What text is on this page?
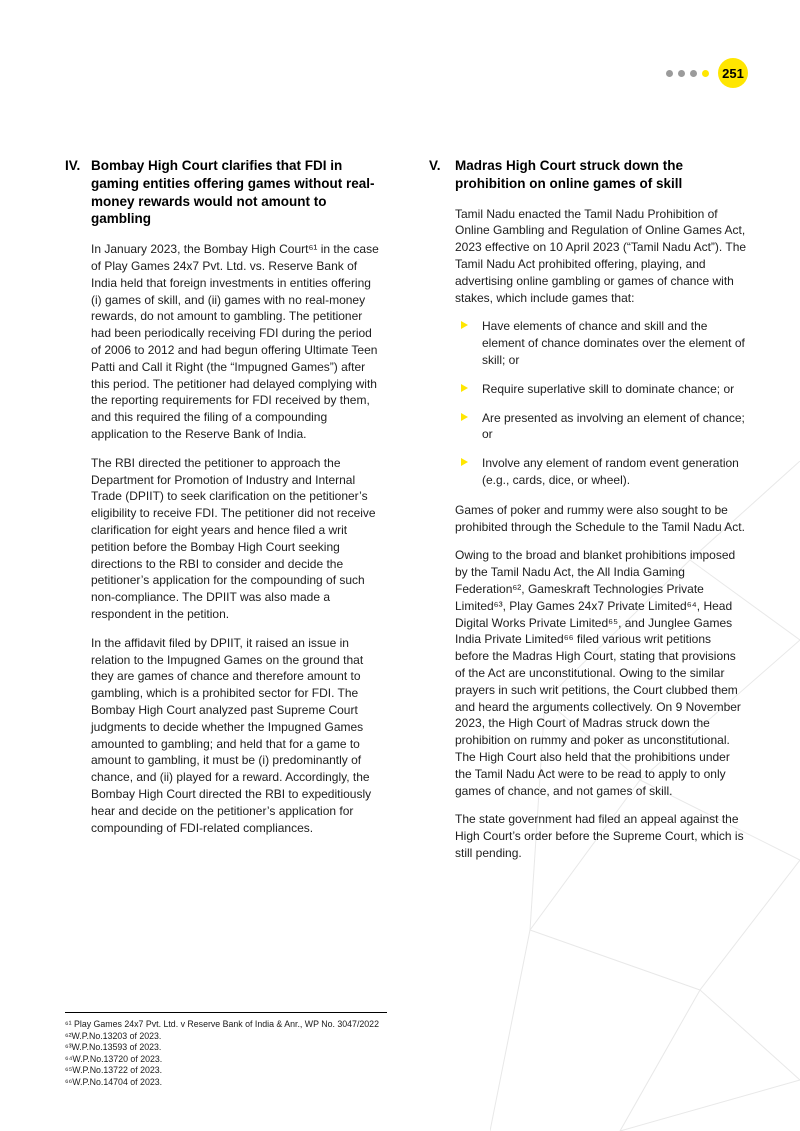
251
IV. Bombay High Court clarifies that FDI in gaming entities offering games without real-money rewards would not amount to gambling

In January 2023, the Bombay High Court⁶¹ in the case of Play Games 24x7 Pvt. Ltd. vs. Reserve Bank of India held that foreign investments in entities offering (i) games of skill, and (ii) games with no real-money rewards, do not amount to gambling. The petitioner had been periodically receiving FDI during the period of 2006 to 2012 and had begun offering Ultimate Teen Patti and Call it Right (the “Impugned Games”) after this period. The petitioner had delayed complying with the reporting requirements for FDI received by them, and this required the filing of a compounding application to the Reserve Bank of India.

The RBI directed the petitioner to approach the Department for Promotion of Industry and Internal Trade (DPIIT) to seek clarification on the petitioner’s eligibility to receive FDI. The petitioner did not receive clarification for eight years and hence filed a writ petition before the Bombay High Court seeking directions to the RBI to consider and decide the petitioner’s application for the compounding of such non-compliance. The DPIIT was also made a respondent in the petition.

In the affidavit filed by DPIIT, it raised an issue in relation to the Impugned Games on the ground that they are games of chance and therefore amount to gambling, which is a prohibited sector for FDI. The Bombay High Court analyzed past Supreme Court judgments to decide whether the Impugned Games amounted to gambling; and held that for a game to amount to gambling, it must be (i) predominantly of chance, and (ii) played for a reward. Accordingly, the Bombay High Court directed the RBI to expeditiously hear and decide on the petitioner’s application for compounding of FDI-related compliances.

V.	Madras High Court struck down the prohibition on online games of skill

Tamil Nadu enacted the Tamil Nadu Prohibition of Online Gambling and Regulation of Online Games Act, 2023 effective on 10 April 2023 (“Tamil Nadu Act”). The Tamil Nadu Act prohibited offering, playing, and advertising online gambling or games of chance with stakes, which include games that:

Have elements of chance and skill and the element of chance dominates over the element of skill; or
Require superlative skill to dominate chance; or
Are presented as involving an element of chance; or
Involve any element of random event generation (e.g., cards, dice, or wheel).

Games of poker and rummy were also sought to be prohibited through the Schedule to the Tamil Nadu Act.

Owing to the broad and blanket prohibitions imposed by the Tamil Nadu Act, the All India Gaming Federation⁶², Gameskraft Technologies Private Limited⁶³, Play Games 24x7 Private Limited⁶⁴, Head Digital Works Private Limited⁶⁵, and Junglee Games India Private Limited⁶⁶ filed various writ petitions before the Madras High Court, stating that provisions of the Act are unconstitutional. Owing to the similar prayers in such writ petitions, the Court clubbed them and heard the arguments collectively. On 9 November 2023, the High Court of Madras struck down the prohibition on rummy and poker as unconstitutional. The High Court also held that the prohibitions under the Tamil Nadu Act were to be read to apply to only games of chance, and not games of skill.

The state government had filed an appeal against the High Court’s order before the Supreme Court, which is still pending.

⁶¹ Play Games 24x7 Pvt. Ltd. v Reserve Bank of India & Anr., WP No. 3047/2022

⁶²W.P.No.13203 of 2023.

⁶³W.P.No.13593 of 2023.

⁶⁴W.P.No.13720 of 2023.

⁶⁵W.P.No.13722 of 2023.

⁶⁶W.P.No.14704 of 2023.
